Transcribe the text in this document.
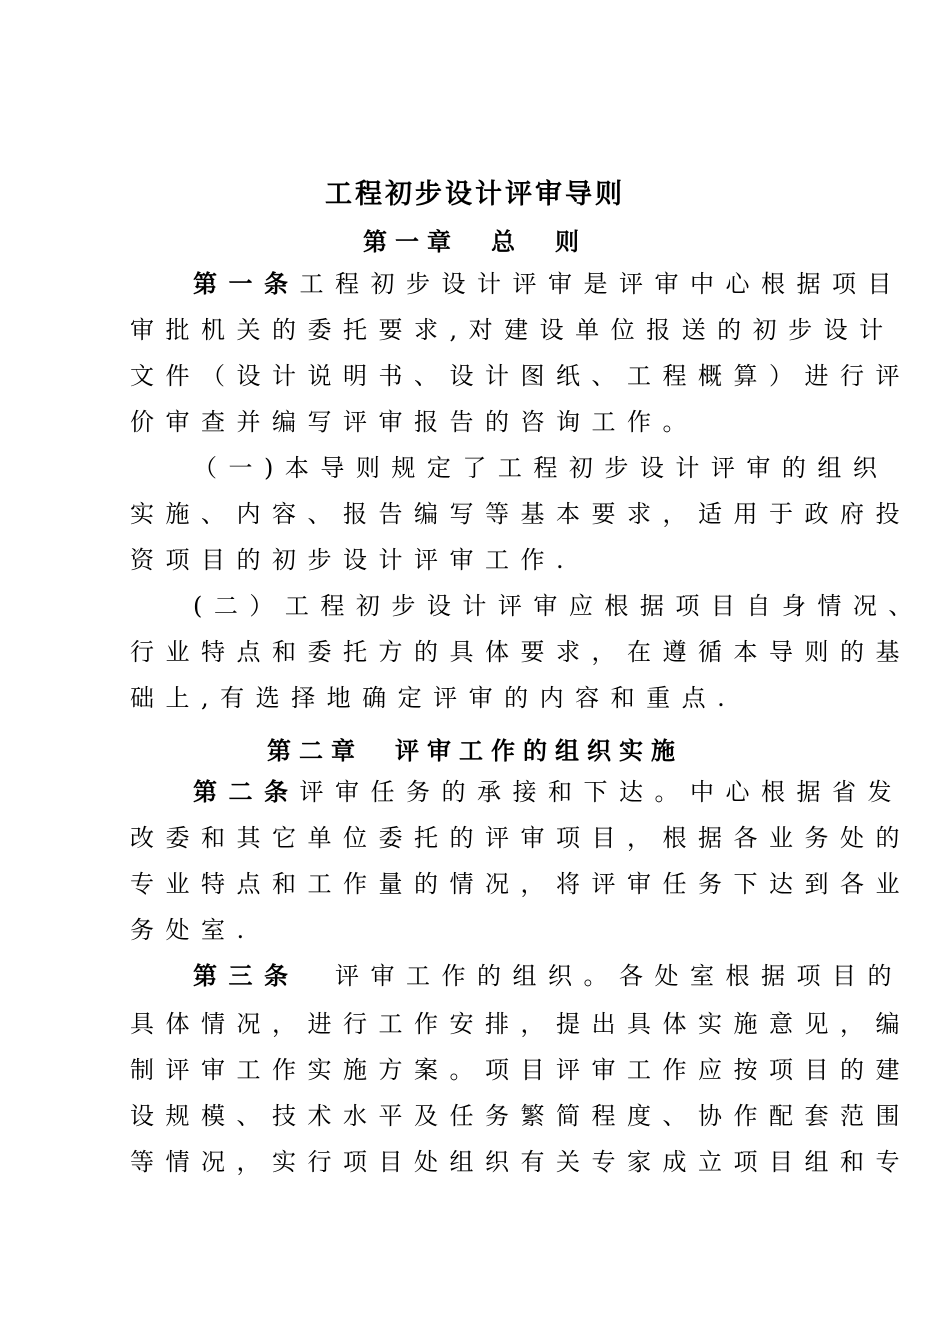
工程初步设计评审导则
第一章　总　则
第一条工程初步设计评审是评审中心根据项目
审批机关的委托要求,对建设单位报送的初步设计
文件（设计说明书、设计图纸、工程概算）进行评
价审查并编写评审报告的咨询工作。
（一)本导则规定了工程初步设计评审的组织
实施、内容、报告编写等基本要求，适用于政府投
资项目的初步设计评审工作.
(二）工程初步设计评审应根据项目自身情况、
行业特点和委托方的具体要求，在遵循本导则的基
础上,有选择地确定评审的内容和重点.
第二章　评审工作的组织实施
第二条评审任务的承接和下达。中心根据省发
改委和其它单位委托的评审项目，根据各业务处的
专业特点和工作量的情况，将评审任务下达到各业
务处室.
第三条　评审工作的组织。各处室根据项目的
具体情况，进行工作安排，提出具体实施意见，编
制评审工作实施方案。项目评审工作应按项目的建
设规模、技术水平及任务繁简程度、协作配套范围
等情况，实行项目处组织有关专家成立项目组和专
